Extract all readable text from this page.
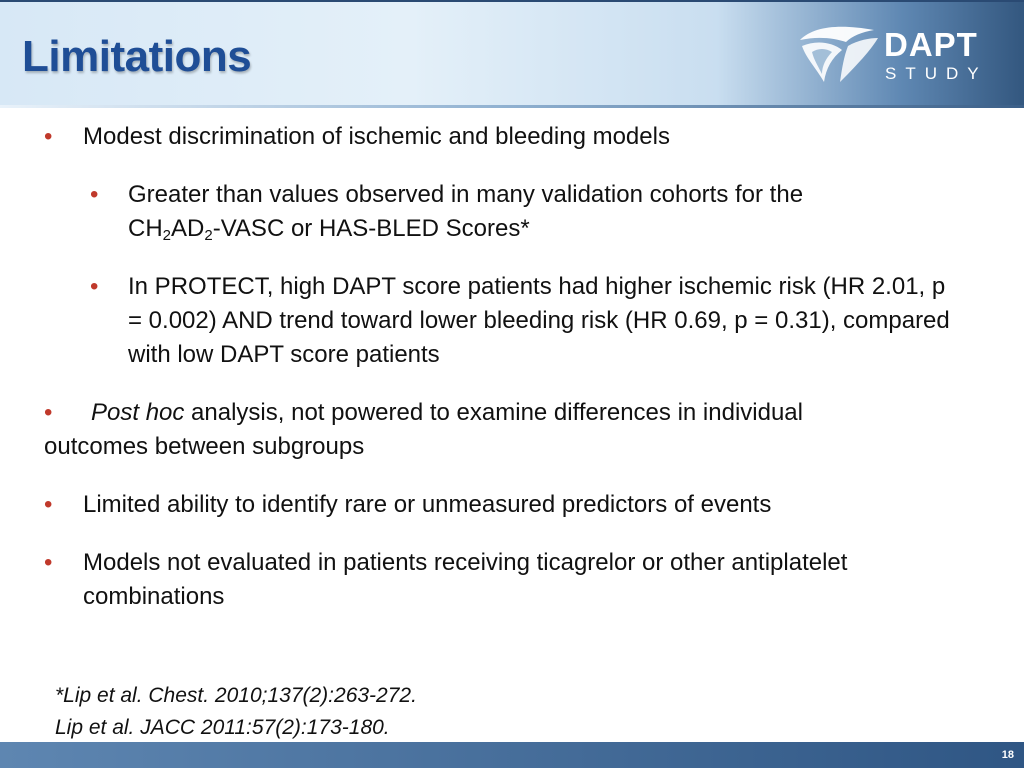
Limitations	DAPT
STUDY
• Modest discrimination of ischemic and bleeding models
• Greater than values observed in many validation cohorts for the
$CH_2AD_2$-VASC or HAS-BLED Scores*
• In PROTECT, high DAPT score patients had higher ischemic risk (HR 2.01, p = 0.002) AND trend toward lower bleeding risk (HR 0.69, p = 0.31), compared with low DAPT score patients
•	Post hoc analysis, not powered to examine differences in individual
outcomes between subgroups
• Limited ability to identify rare or unmeasured predictors of events
• Models not evaluated in patients receiving ticagrelor or other antiplatelet combinations
*Lip et al. Chest. 2010;137(2):263-272.
Lip et al. JACC 2011:57(2):173-180.
18
